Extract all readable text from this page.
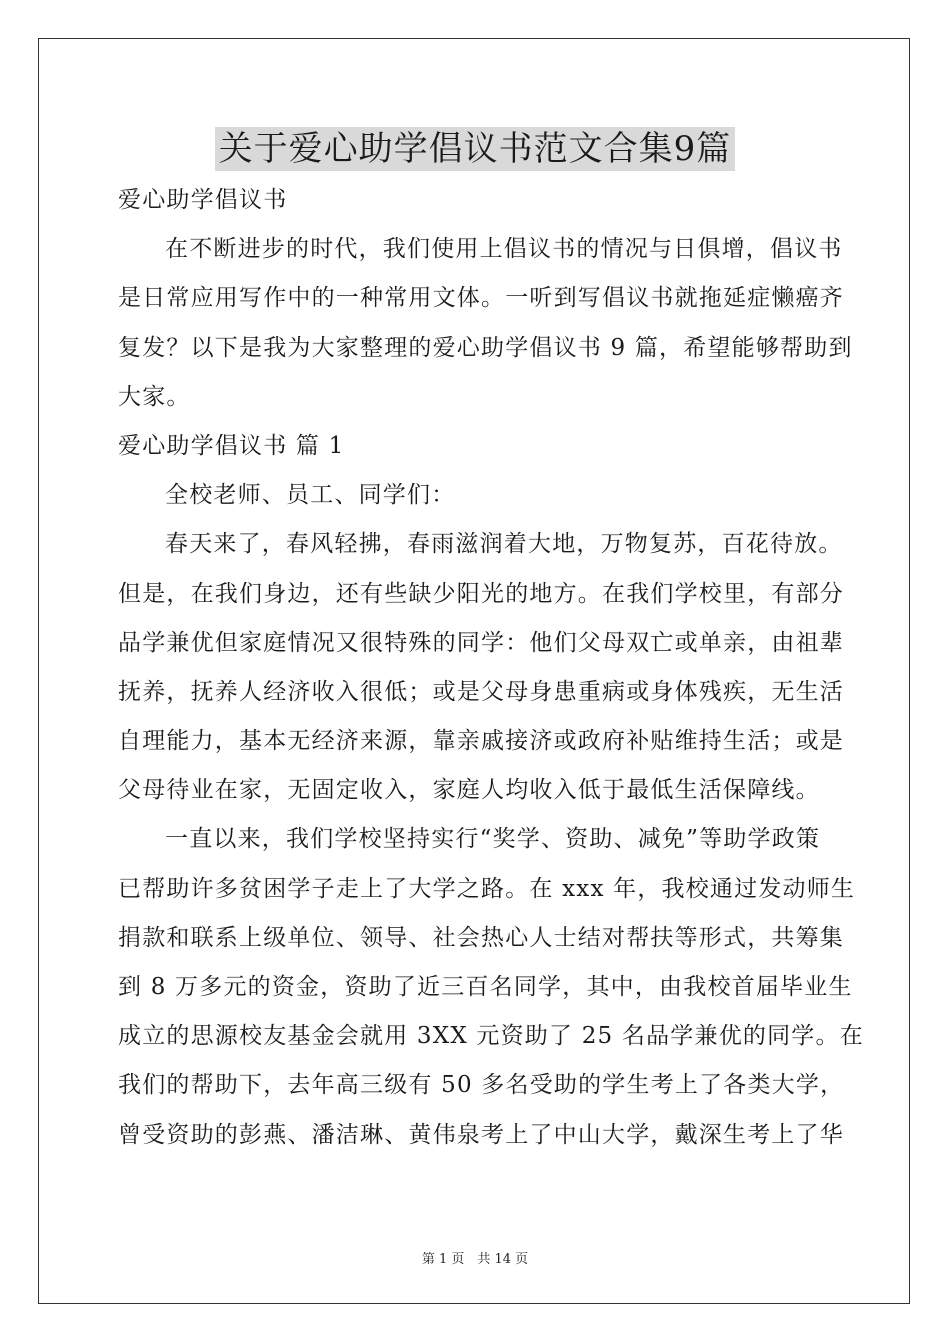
关于爱心助学倡议书范文合集9篇
爱心助学倡议书
在不断进步的时代，我们使用上倡议书的情况与日俱增，倡议书
是日常应用写作中的一种常用文体。一听到写倡议书就拖延症懒癌齐
复发？以下是我为大家整理的爱心助学倡议书 9 篇，希望能够帮助到
大家。
爱心助学倡议书 篇 1
全校老师、员工、同学们：
春天来了，春风轻拂，春雨滋润着大地，万物复苏，百花待放。
但是，在我们身边，还有些缺少阳光的地方。在我们学校里，有部分
品学兼优但家庭情况又很特殊的同学：他们父母双亡或单亲，由祖辈
抚养，抚养人经济收入很低；或是父母身患重病或身体残疾，无生活
自理能力，基本无经济来源，靠亲戚接济或政府补贴维持生活；或是
父母待业在家，无固定收入，家庭人均收入低于最低生活保障线。
一直以来，我们学校坚持实行“奖学、资助、减免”等助学政策
已帮助许多贫困学子走上了大学之路。在 xxx 年，我校通过发动师生
捐款和联系上级单位、领导、社会热心人士结对帮扶等形式，共筹集
到 8 万多元的资金，资助了近三百名同学，其中，由我校首届毕业生
成立的思源校友基金会就用 3XX 元资助了 25 名品学兼优的同学。在
我们的帮助下，去年高三级有 50 多名受助的学生考上了各类大学，
曾受资助的彭燕、潘洁琳、黄伟泉考上了中山大学，戴深生考上了华
第 1 页　共 14 页
